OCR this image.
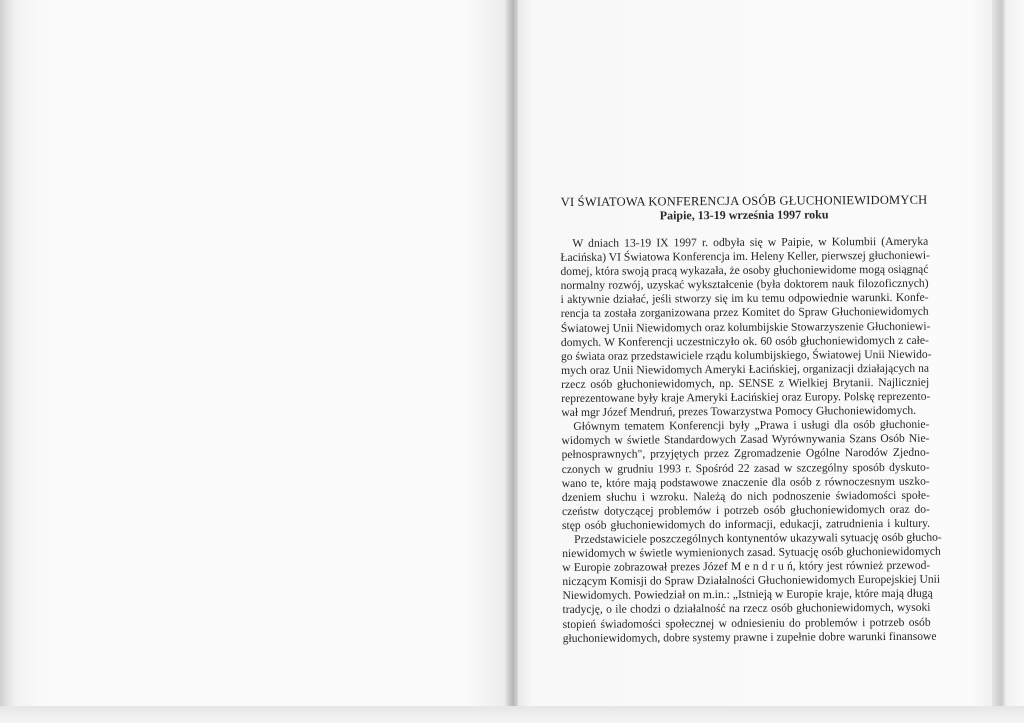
VI ŚWIATOWA KONFERENCJA OSÓB GŁUCHONIEWIDOMYCH

Paipie, 13-19 września 1997 roku

W dniach 13-19 IX 1997 r. odbyła się w Paipie, w Kolumbii (Ameryka
Łacińska) VI Światowa Konferencja im. Heleny Keller, pierwszej głuchoniewi-
domej, która swoją pracą wykazała, że osoby głuchoniewidome mogą osiągnąć
normalny rozwój, uzyskać wykształcenie (była doktorem nauk filozoficznych)
i aktywnie działać, jeśli stworzy się im ku temu odpowiednie warunki. Konfe-
rencja ta została zorganizowana przez Komitet do Spraw Głuchoniewidomych
Światowej Unii Niewidomych oraz kolumbijskie Stowarzyszenie Głuchoniewi-
domych. W Konferencji uczestniczyło ok. 60 osób głuchoniewidomych z całe-
go świata oraz przedstawiciele rządu kolumbijskiego, Światowej Unii Niewido-
mych oraz Unii Niewidomych Ameryki Łacińskiej, organizacji działających na
rzecz osób głuchoniewidomych, np. SENSE z Wielkiej Brytanii. Najliczniej
reprezentowane były kraje Ameryki Łacińskiej oraz Europy. Polskę reprezento-
wał mgr Józef Mendruń, prezes Towarzystwa Pomocy Głuchoniewidomych.
Głównym tematem Konferencji były „Prawa i usługi dla osób głuchonie-
widomych w świetle Standardowych Zasad Wyrównywania Szans Osób Nie-
pełnosprawnych", przyjętych przez Zgromadzenie Ogólne Narodów Zjedno-
czonych w grudniu 1993 r. Spośród 22 zasad w szczególny sposób dyskuto-
wano te, które mają podstawowe znaczenie dla osób z równoczesnym uszko-
dzeniem słuchu i wzroku. Należą do nich podnoszenie świadomości społe-
czeństw dotyczącej problemów i potrzeb osób głuchoniewidomych oraz do-
stęp osób głuchoniewidomych do informacji, edukacji, zatrudnienia i kultury.
Przedstawiciele poszczególnych kontynentów ukazywali sytuację osób głucho-
niewidomych w świetle wymienionych zasad. Sytuację osób głuchoniewidomych
w Europie zobrazował prezes Józef M e n d r u ń, który jest również przewod-
niczącym Komisji do Spraw Działalności Głuchoniewidomych Europejskiej Unii
Niewidomych. Powiedział on m.in.: „Istnieją w Europie kraje, które mają długą
tradycję, o ile chodzi o działalność na rzecz osób głuchoniewidomych, wysoki
stopień świadomości społecznej w odniesieniu do problemów i potrzeb osób
głuchoniewidomych, dobre systemy prawne i zupełnie dobre warunki finansowe
